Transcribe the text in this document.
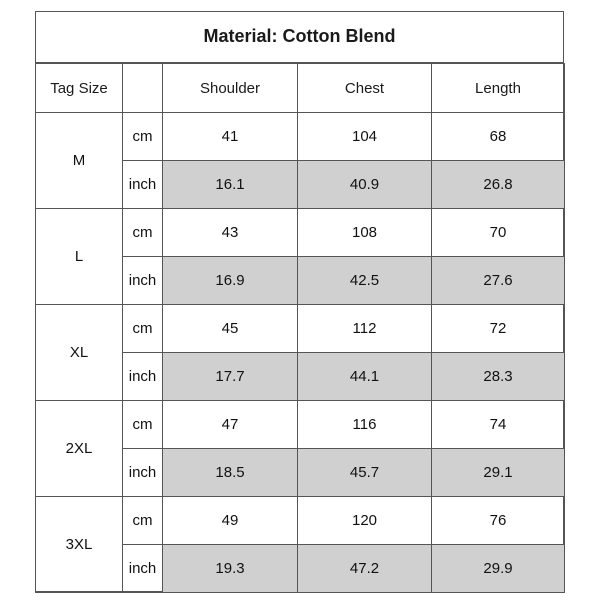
Material: Cotton Blend
Tag Size		Shoulder	Chest	Length
M	cm	41	104	68
	inch	16.1	40.9	26.8
L	cm	43	108	70
	inch	16.9	42.5	27.6
XL	cm	45	112	72
	inch	17.7	44.1	28.3
2XL	cm	47	116	74
	inch	18.5	45.7	29.1
3XL	cm	49	120	76
	inch	19.3	47.2	29.9
